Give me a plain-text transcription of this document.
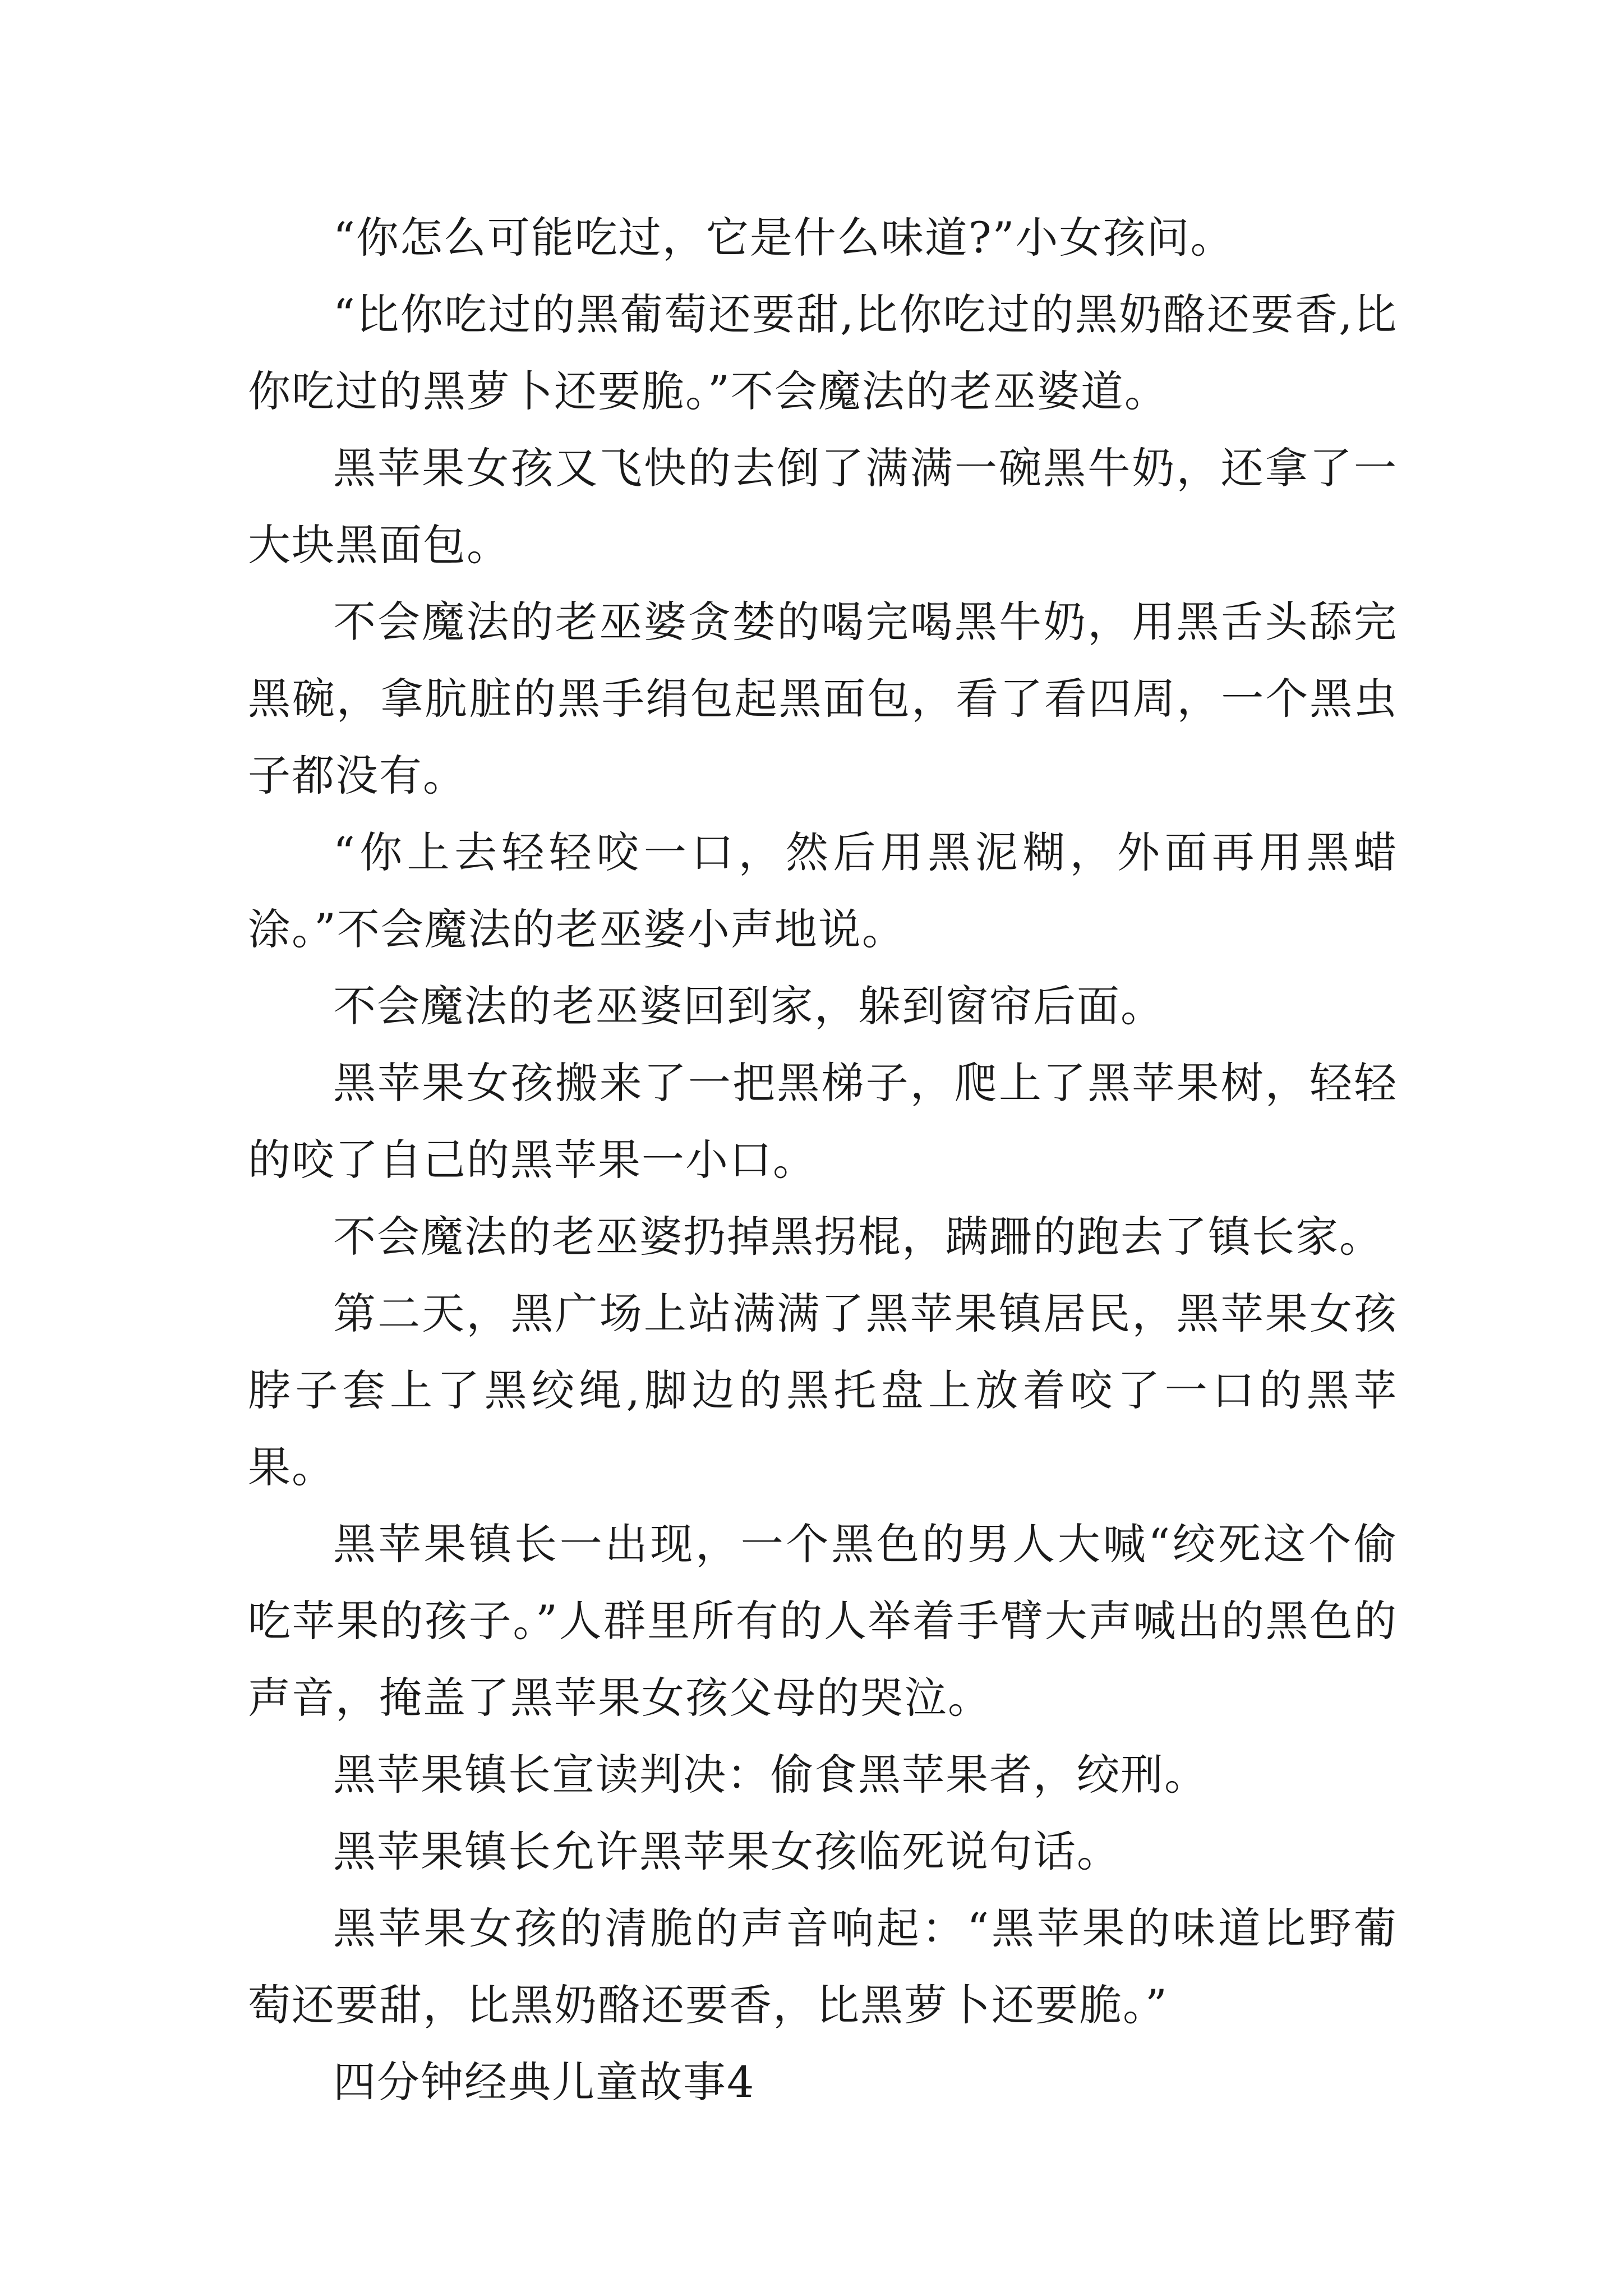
“你怎么可能吃过，它是什么味道?”小女孩问。

“比你吃过的黑葡萄还要甜,比你吃过的黑奶酪还要香,比你吃过的黑萝卜还要脆。”不会魔法的老巫婆道。

黑苹果女孩又飞快的去倒了满满一碗黑牛奶，还拿了一大块黑面包。

不会魔法的老巫婆贪婪的喝完喝黑牛奶，用黑舌头舔完黑碗，拿肮脏的黑手绢包起黑面包，看了看四周，一个黑虫子都没有。

“你上去轻轻咬一口，然后用黑泥糊，外面再用黑蜡涂。”不会魔法的老巫婆小声地说。

不会魔法的老巫婆回到家，躲到窗帘后面。

黑苹果女孩搬来了一把黑梯子，爬上了黑苹果树，轻轻的咬了自己的黑苹果一小口。

不会魔法的老巫婆扔掉黑拐棍，蹒跚的跑去了镇长家。

第二天，黑广场上站满满了黑苹果镇居民，黑苹果女孩脖子套上了黑绞绳,脚边的黑托盘上放着咬了一口的黑苹果。

黑苹果镇长一出现，一个黑色的男人大喊“绞死这个偷吃苹果的孩子。”人群里所有的人举着手臂大声喊出的黑色的声音，掩盖了黑苹果女孩父母的哭泣。

黑苹果镇长宣读判决：偷食黑苹果者，绞刑。

黑苹果镇长允许黑苹果女孩临死说句话。

黑苹果女孩的清脆的声音响起：“黑苹果的味道比野葡萄还要甜，比黑奶酪还要香，比黑萝卜还要脆。”

四分钟经典儿童故事4
